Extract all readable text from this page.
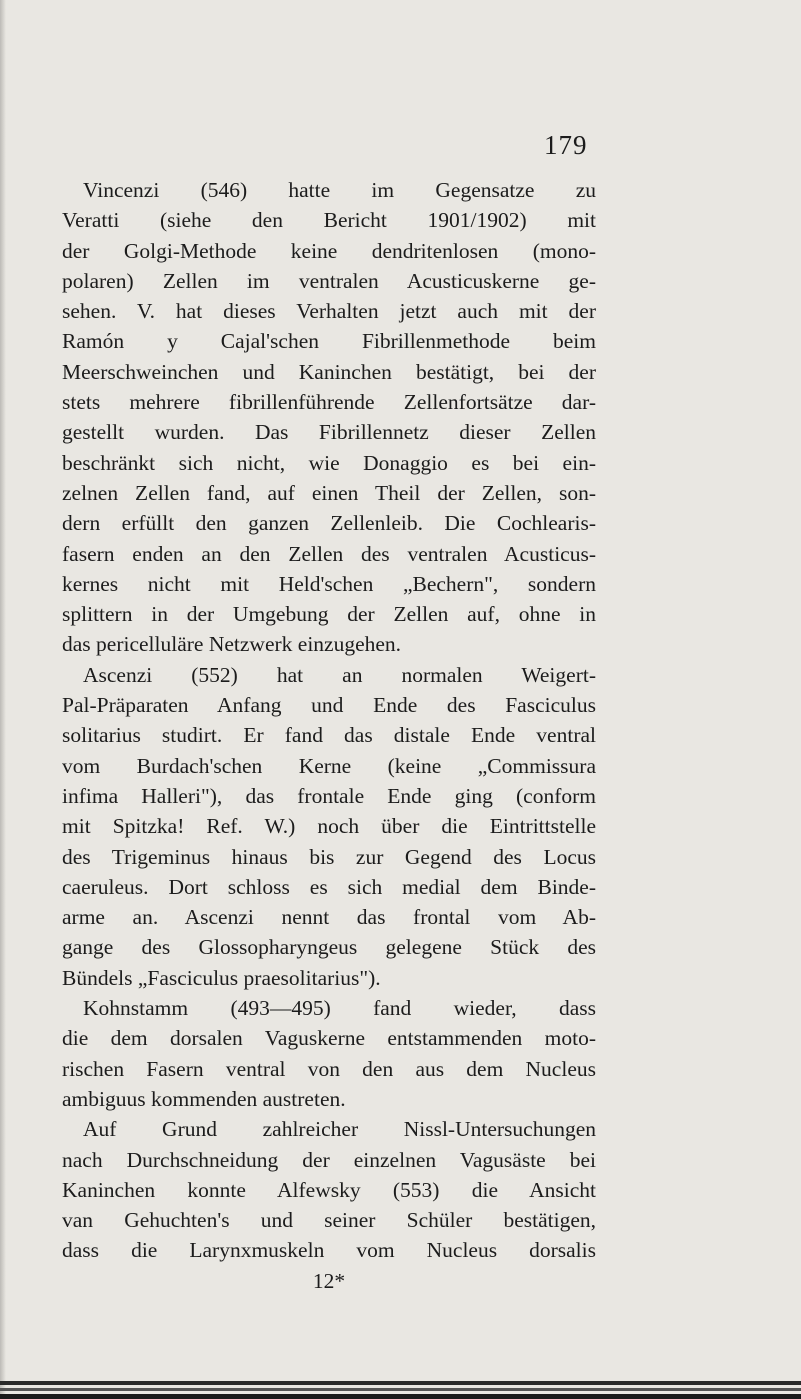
179
Vincenzi (546) hatte im Gegensatze zu
Veratti (siehe den Bericht 1901/1902) mit
der Golgi-Methode keine dendritenlosen (mono-
polaren) Zellen im ventralen Acusticuskerne ge-
sehen. V. hat dieses Verhalten jetzt auch mit der
Ramón y Cajal'schen Fibrillenmethode beim
Meerschweinchen und Kaninchen bestätigt, bei der
stets mehrere fibrillenführende Zellenfortsätze dar-
gestellt wurden. Das Fibrillennetz dieser Zellen
beschränkt sich nicht, wie Donaggio es bei ein-
zelnen Zellen fand, auf einen Theil der Zellen, son-
dern erfüllt den ganzen Zellenleib. Die Cochlearis-
fasern enden an den Zellen des ventralen Acusticus-
kernes nicht mit Held'schen „Bechern", sondern
splittern in der Umgebung der Zellen auf, ohne in
das pericelluläre Netzwerk einzugehen.
Ascenzi (552) hat an normalen Weigert-
Pal-Präparaten Anfang und Ende des Fasciculus
solitarius studirt. Er fand das distale Ende ventral
vom Burdach'schen Kerne (keine „Commissura
infima Halleri"), das frontale Ende ging (conform
mit Spitzka! Ref. W.) noch über die Eintrittstelle
des Trigeminus hinaus bis zur Gegend des Locus
caeruleus. Dort schloss es sich medial dem Binde-
arme an. Ascenzi nennt das frontal vom Ab-
gange des Glossopharyngeus gelegene Stück des
Bündels „Fasciculus praesolitarius").
Kohnstamm (493—495) fand wieder, dass
die dem dorsalen Vaguskerne entstammenden moto-
rischen Fasern ventral von den aus dem Nucleus
ambiguus kommenden austreten.
Auf Grund zahlreicher Nissl-Untersuchungen
nach Durchschneidung der einzelnen Vagusäste bei
Kaninchen konnte Alfewsky (553) die Ansicht
van Gehuchten's und seiner Schüler bestätigen,
dass die Larynxmuskeln vom Nucleus dorsalis
12*
